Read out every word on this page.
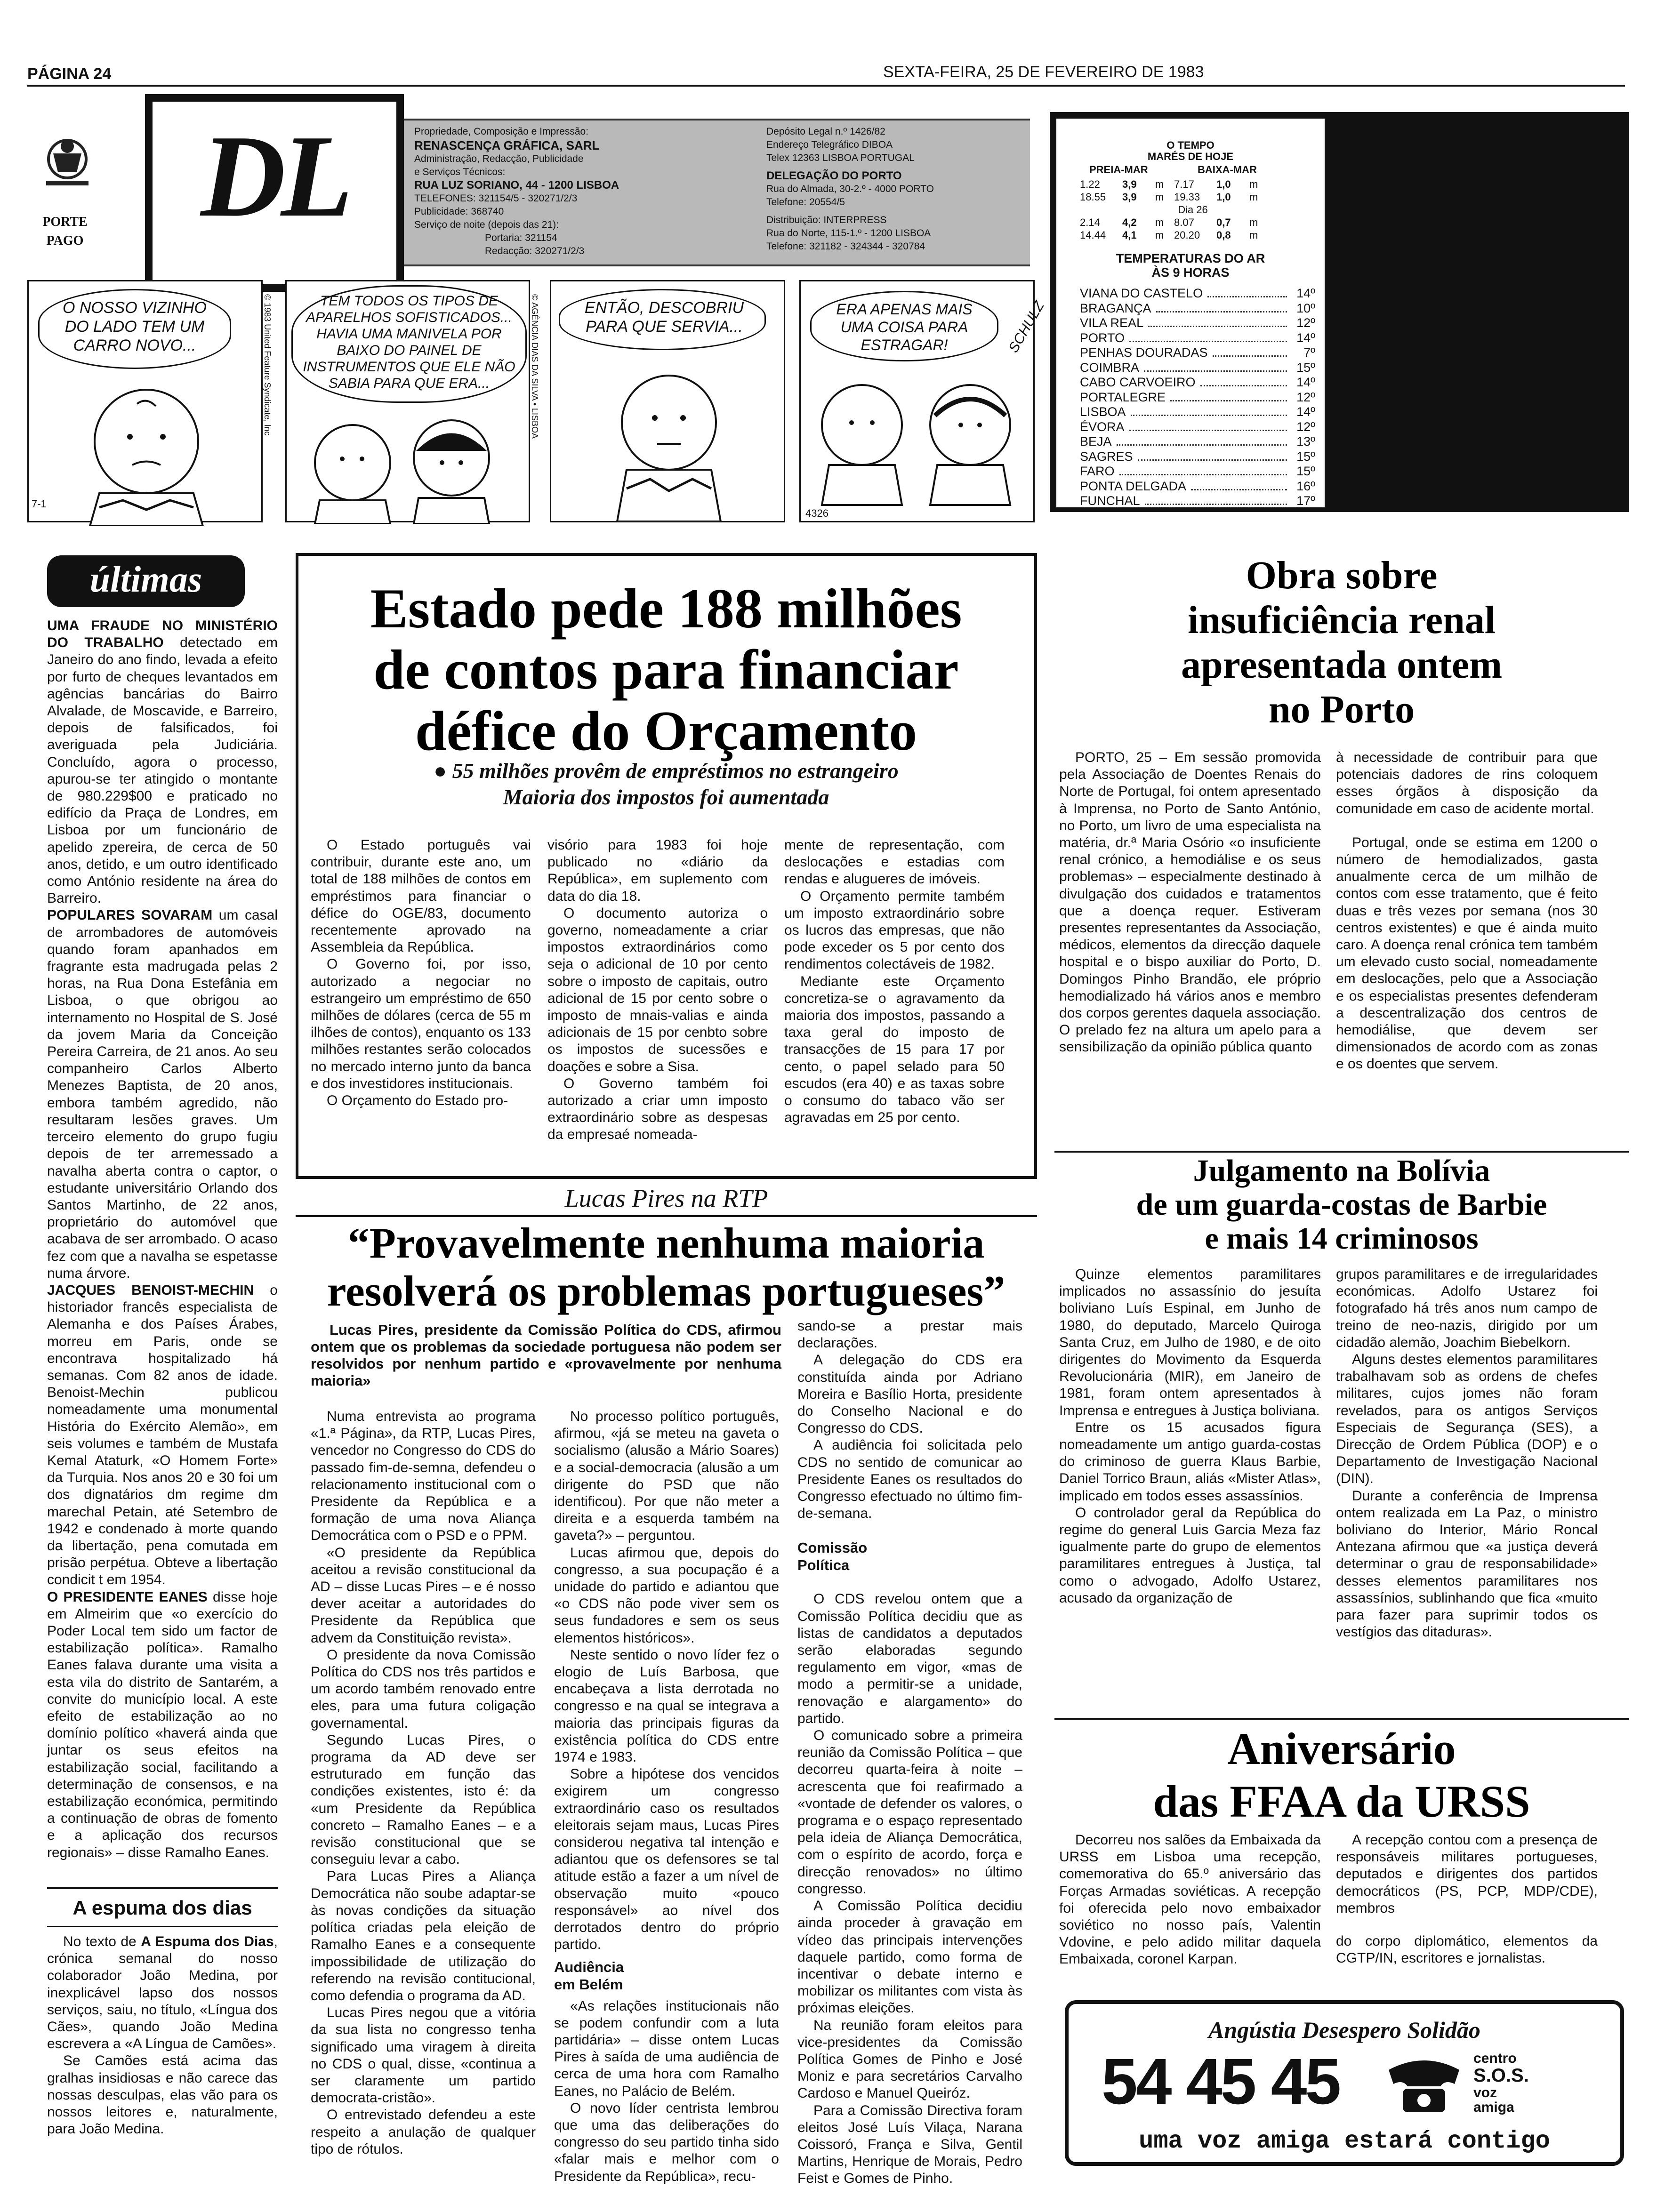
PÁGINA 24	SEXTA-FEIRA, 25 DE FEVEREIRO DE 1983
PORTE
PAGO DL	Propriedade, Composição e Impressão:
RENASCENÇA GRÁFICA, SARL
Administração, Redacção, Publicidade
e Serviços Técnicos:
RUA LUZ SORIANO, 44 - 1200 LISBOA
TELEFONES: 321154/5 - 320271/2/3
Publicidade: 368740
Serviço de noite (depois das 21):
Portaria: 321154
Redacção: 320271/2/3
Depósito Legal n.º 1426/82
Endereço Telegráfico DIBOA
Telex 12363 LISBOA PORTUGAL
DELEGAÇÃO DO PORTO
Rua do Almada, 30-2.º - 4000 PORTO
Telefone: 20554/5
Distribuição: INTERPRESS
Rua do Norte, 115-1.º - 1200 LISBOA
Telefone: 321182 - 324344 - 320784
O NOSSO VIZINHO DO LADO TEM UM CARRO NOVO...
7-1
© 1983 United Feature Syndicate, Inc	TEM TODOS OS TIPOS DE APARELHOS SOFISTICADOS... HAVIA UMA MANIVELA POR BAIXO DO PAINEL DE INSTRUMENTOS QUE ELE NÃO SABIA PARA QUE ERA...	© AGÊNCIA DIAS DA SILVA • LISBOA	ENTÃO, DESCOBRIU PARA QUE SERVIA...
ERA APENAS MAIS UMA COISA PARA ESTRAGAR!	SCHULZ
4326
O TEMPO
MARÉS DE HOJE
PREIA-MAR	BAIXA-MAR
1.22 3,9 m 7.17 1,0 m
18.55 3,9 m 19.33 1,0 m
Dia 26
2.14 4,2 m 8.07 0,7 m
14.44 4,1 m 20.20 0,8 m
TEMPERATURAS DO AR
ÀS 9 HORAS
VIANA DO CASTELO	14º
BRAGANÇA	10º
VILA REAL	12º
PORTO	14º
PENHAS DOURADAS	7º
COIMBRA	15º
CABO CARVOEIRO	14º
PORTALEGRE	12º
LISBOA	14º
ÉVORA	12º
BEJA	13º
SAGRES	15º
FARO	15º
PONTA DELGADA	16º
FUNCHAL	17º
últimas

UMA FRAUDE NO MINISTÉRIO DO TRABALHO detectado em Janeiro do ano findo, levada a efeito por furto de cheques levantados em agências bancárias do Bairro Alvalade, de Moscavide, e Barreiro, depois de falsificados, foi averiguada pela Judiciária. Concluído, agora o processo, apurou-se ter atingido o montante de 980.229$00 e praticado no edifício da Praça de Londres, em Lisboa por um funcionário de apelido zpereira, de cerca de 50 anos, detido, e um outro identificado como António residente na área do Barreiro.

POPULARES SOVARAM um casal de arrombadores de automóveis quando foram apanhados em fragrante esta madrugada pelas 2 horas, na Rua Dona Estefânia em Lisboa, o que obrigou ao internamento no Hospital de S. José da jovem Maria da Conceição Pereira Carreira, de 21 anos. Ao seu companheiro Carlos Alberto Menezes Baptista, de 20 anos, embora também agredido, não resultaram lesões graves. Um terceiro elemento do grupo fugiu depois de ter arremessado a navalha aberta contra o captor, o estudante universitário Orlando dos Santos Martinho, de 22 anos, proprietário do automóvel que acabava de ser arrombado. O acaso fez com que a navalha se espetasse numa árvore.

JACQUES BENOIST-MECHIN o historiador francês especialista de Alemanha e dos Países Árabes, morreu em Paris, onde se encontrava hospitalizado há semanas. Com 82 anos de idade. Benoist-Mechin publicou nomeadamente uma monumental História do Exército Alemão», em seis volumes e também de Mustafa Kemal Ataturk, «O Homem Forte» da Turquia. Nos anos 20 e 30 foi um dos dignatários dm regime dm marechal Petain, até Setembro de 1942 e condenado à morte quando da libertação, pena comutada em prisão perpétua. Obteve a libertação condicit t em 1954.

O PRESIDENTE EANES disse hoje em Almeirim que «o exercício do Poder Local tem sido um factor de estabilização política». Ramalho Eanes falava durante uma visita a esta vila do distrito de Santarém, a convite do município local. A este efeito de estabilização ao no domínio político «haverá ainda que juntar os seus efeitos na estabilização social, facilitando a determinação de consensos, e na estabilização económica, permitindo a continuação de obras de fomento e a aplicação dos recursos regionais» – disse Ramalho Eanes.

A espuma dos dias

No texto de A Espuma dos Dias, crónica semanal do nosso colaborador João Medina, por inexplicável lapso dos nossos serviços, saiu, no título, «Língua dos Cães», quando João Medina escrevera a «A Língua de Camões».

Se Camões está acima das gralhas insidiosas e não carece das nossas desculpas, elas vão para os nossos leitores e, naturalmente, para João Medina.

Estado pede 188 milhões
de contos para financiar
défice do Orçamento
● 55 milhões provêm de empréstimos no estrangeiro
Maioria dos impostos foi aumentada

O Estado português vai contribuir, durante este ano, um total de 188 milhões de contos em empréstimos para financiar o défice do OGE/83, documento recentemente aprovado na Assembleia da República.

O Governo foi, por isso, autorizado a negociar no estrangeiro um empréstimo de 650 milhões de dólares (cerca de 55 m ilhões de contos), enquanto os 133 milhões restantes serão colocados no mercado interno junto da banca e dos investidores institucionais.

O Orçamento do Estado pro-

visório para 1983 foi hoje publicado no «diário da República», em suplemento com data do dia 18.

O documento autoriza o governo, nomeadamente a criar impostos extraordinários como seja o adicional de 10 por cento sobre o imposto de capitais, outro adicional de 15 por cento sobre o imposto de mnais-valias e ainda adicionais de 15 por cenbto sobre os impostos de sucessões e doações e sobre a Sisa.

O Governo também foi autorizado a criar umn imposto extraordinário sobre as despesas da empresaé nomeada-

mente de representação, com deslocações e estadias com rendas e aluguеres de imóveis.

O Orçamento permite também um imposto extraordinário sobre os lucros das empresas, que não pode exceder os 5 por cento dos rendimentos colectáveis de 1982.

Mediante este Orçamento concretiza-se o agravamento da maioria dos impostos, passando a taxa geral do imposto de transacções de 15 para 17 por cento, o papel selado para 50 escudos (era 40) e as taxas sobre o consumo do tabaco vão ser agravadas em 25 por cento.

Lucas Pires na RTP
“Provavelmente nenhuma maioria
resolverá os problemas portugueses”
Lucas Pires, presidente da Comissão Política do CDS, afirmou ontem que os problemas da sociedade portuguesa não podem ser resolvidos por nenhum partido e «provavelmente por nenhuma maioria»

Numa entrevista ao programa «1.ª Página», da RTP, Lucas Pires, vencedor no Congresso do CDS do passado fim-de-semna, defendeu o relacionamento institucional com o Presidente da República e a formação de uma nova Aliança Democrática com o PSD e o PPM.

«O presidente da República aceitou a revisão constitucional da AD – disse Lucas Pires – e é nosso dever aceitar a autoridades do Presidente da República que advem da Constituição revista».

O presidente da nova Comissão Política do CDS nos três partidos e um acordo também renovado entre eles, para uma futura coligação governamental.

Segundo Lucas Pires, o programa da AD deve ser estruturado em função das condições existentes, isto é: da «um Presidente da República concreto – Ramalho Eanes – e a revisão constitucional que se conseguiu levar a cabo.

Para Lucas Pires a Aliança Democrática não soube adaptar-se às novas condições da situação política criadas pela eleição de Ramalho Eanes e a consequente impossibilidade de utilização do referendo na revisão contitucional, como defendia o programa da AD.

Lucas Pires negou que a vitória da sua lista no congresso tenha significado uma viragem à direita no CDS o qual, disse, «continua a ser claramente um partido democrata-cristão».

O entrevistado defendeu a este respeito a anulação de qualquer tipo de rótulos.

No processo político português, afirmou, «já se meteu na gaveta o socialismo (alusão a Mário Soares) e a social-democracia (alusão a um dirigente do PSD que não identificou). Por que não meter a direita e a esquerda também na gaveta?» – perguntou.

Lucas afirmou que, depois do congresso, a sua pocupação é a unidade do partido e adiantou que «o CDS não pode viver sem os seus fundadores e sem os seus elementos históricos».

Neste sentido o novo líder fez o elogio de Luís Barbosa, que encabeçava a lista derrotada no congresso e na qual se integrava a maioria das principais figuras da existência política do CDS entre 1974 e 1983.

Sobre a hipótese dos vencidos exigirem um congresso extraordinário caso os resultados eleitorais sejam maus, Lucas Pires considerou negativa tal intenção e adiantou que os defensores se tal atitude estão a fazer a um nível de observação muito «pouco responsável» ao nível dos derrotados dentro do próprio partido.

Audiência
em Belém

«As relações institucionais não se podem confundir com a luta partidária» – disse ontem Lucas Pires à saída de uma audiência de cerca de uma hora com Ramalho Eanes, no Palácio de Belém.

O novo líder centrista lembrou que uma das deliberações do congresso do seu partido tinha sido «falar mais e melhor com o Presidente da República», recu-

sando-se a prestar mais declarações.

A delegação do CDS era constituída ainda por Adriano Moreira e Basílio Horta, presidente do Conselho Nacional e do Congresso do CDS.

A audiência foi solicitada pelo CDS no sentido de comunicar ao Presidente Eanes os resultados do Congresso efectuado no último fim-de-semana.

Comissão
Política

O CDS revelou ontem que a Comissão Política decidiu que as listas de candidatos a deputados serão elaboradas segundo regulamento em vigor, «mas de modo a permitir-se a unidade, renovação e alargamento» do partido.

O comunicado sobre a primeira reunião da Comissão Política – que decorreu quarta-feira à noite – acrescenta que foi reafirmado a «vontade de defender os valores, o programa e o espaço representado pela ideia de Aliança Democrática, com o espírito de acordo, força e direcção renovados» no último congresso.

A Comissão Política decidiu ainda proceder à gravação em vídeo das principais intervenções daquele partido, como forma de incentivar o debate interno e mobilizar os militantes com vista às próximas eleições.

Na reunião foram eleitos para vice-presidentes da Comissão Política Gomes de Pinho e José Moniz e para secretários Carvalho Cardoso e Manuel Queiróz.

Para a Comissão Directiva foram eleitos José Luís Vilaça, Narana Coissoró, França e Silva, Gentil Martins, Henrique de Morais, Pedro Feist e Gomes de Pinho.

Obra sobre
insuficiência renal
apresentada ontem
no Porto

PORTO, 25 – Em sessão promovida pela Associação de Doentes Renais do Norte de Portugal, foi ontem apresentado à Imprensa, no Porto de Santo António, no Porto, um livro de uma especialista na matéria, dr.ª Maria Osório «o insuficiente renal crónico, a hemodiálise e os seus problemas» – especialmente destinado à divulgação dos cuidados e tratamentos que a doença requer. Estiveram presentes representantes da Associação, médicos, elementos da direcção daquele hospital e o bispo auxiliar do Porto, D. Domingos Pinho Brandão, ele próprio hemodializado há vários anos e membro dos corpos gerentes daquela associação. O prelado fez na altura um apelo para a sensibilização da opinião pública quanto

à necessidade de contribuir para que potenciais dadores de rins coloquem esses órgãos à disposição da comunidade em caso de acidente mortal.

Portugal, onde se estima em 1200 o número de hemodializados, gasta anualmente cerca de um milhão de contos com esse tratamento, que é feito duas e três vezes por semana (nos 30 centros existentes) e que é ainda muito caro. A doença renal crónica tem também um elevado custo social, nomeadamente em deslocações, pelo que a Associação e os especialistas presentes defenderam a descentralização dos centros de hemodiálise, que devem ser dimensionados de acordo com as zonas e os doentes que servem.

Julgamento na Bolívia
de um guarda-costas de Barbie
e mais 14 criminosos

Quinze elementos paramilitares implicados no assassínio do jesuíta boliviano Luís Espinal, em Junho de 1980, do deputado, Marcelo Quiroga Santa Cruz, em Julho de 1980, e de oito dirigentes do Movimento da Esquerda Revolucionária (MIR), em Janeiro de 1981, foram ontem apresentados à Imprensa e entregues à Justiça boliviana.

Entre os 15 acusados figura nomeadamente um antigo guarda-costas do criminoso de guerra Klaus Barbie, Daniel Torrico Braun, aliás «Mister Atlas», implicado em todos esses assassínios.

O controlador geral da República do regime do general Luis Garcia Meza faz igualmente parte do grupo de elementos paramilitares entregues à Justiça, tal como o advogado, Adolfo Ustarez, acusado da organização de

grupos paramilitares e de irregularidades económicas. Adolfo Ustarez foi fotografado há três anos num campo de treino de neo-nazis, dirigido por um cidadão alemão, Joachim Biebelkorn.

Alguns destes elementos paramilitares trabalhavam sob as ordens de chefes militares, cujos jomes não foram revelados, para os antigos Serviços Especiais de Segurança (SES), a Direcção de Ordem Pública (DOP) e o Departamento de Investigação Nacional (DIN).

Durante a conferência de Imprensa ontem realizada em La Paz, o ministro boliviano do Interior, Mário Roncal Antezana afirmou que «a justiça deverá determinar o grau de responsabilidade» desses elementos paramilitares nos assassínios, sublinhando que fica «muito para fazer para suprimir todos os vestígios das ditaduras».

Aniversário
das FFAA da URSS

Decorreu nos salões da Embaixada da URSS em Lisboa uma recepção, comemorativa do 65.º aniversário das Forças Armadas soviéticas. A recepção foi oferecida pelo novo embaixador soviético no nosso país, Valentin Vdovine, e pelo adido militar daquela Embaixada, coronel Karpan.

A recepção contou com a presença de responsáveis militares portugueses, deputados e dirigentes dos partidos democráticos (PS, PCP, MDP/CDE), membros

do corpo diplomático, elementos da CGTP/IN, escritores e jornalistas.

Angústia Desespero Solidão
54 45 45	centro
S.O.S.
voz
amiga
uma voz amiga estará contigo
